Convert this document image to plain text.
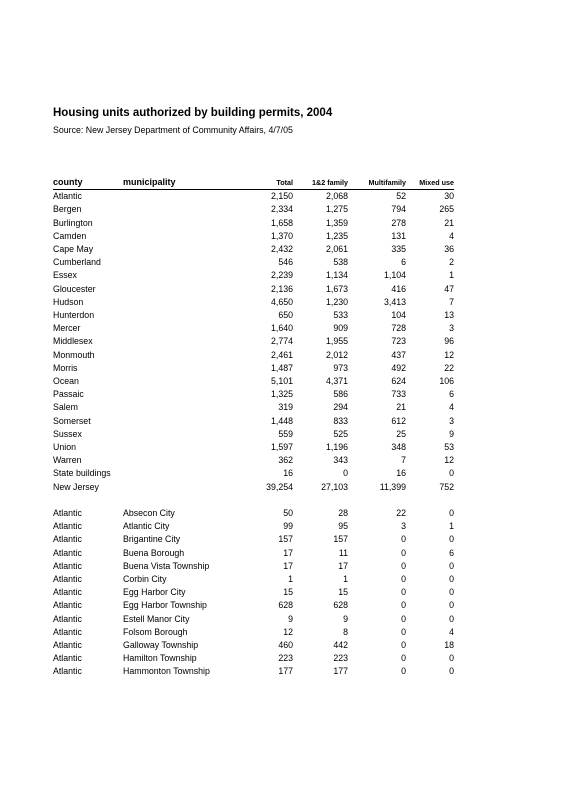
Housing units authorized by building permits, 2004
Source: New Jersey Department of Community Affairs, 4/7/05
county	municipality	Total	1&2 family	Multifamily	Mixed use
Atlantic		2,150	2,068	52	30
Bergen		2,334	1,275	794	265
Burlington		1,658	1,359	278	21
Camden		1,370	1,235	131	4
Cape May		2,432	2,061	335	36
Cumberland		546	538	6	2
Essex		2,239	1,134	1,104	1
Gloucester		2,136	1,673	416	47
Hudson		4,650	1,230	3,413	7
Hunterdon		650	533	104	13
Mercer		1,640	909	728	3
Middlesex		2,774	1,955	723	96
Monmouth		2,461	2,012	437	12
Morris		1,487	973	492	22
Ocean		5,101	4,371	624	106
Passaic		1,325	586	733	6
Salem		319	294	21	4
Somerset		1,448	833	612	3
Sussex		559	525	25	9
Union		1,597	1,196	348	53
Warren		362	343	7	12
State buildings		16	0	16	0
New Jersey		39,254	27,103	11,399	752
Atlantic	Absecon City	50	28	22	0
Atlantic	Atlantic City	99	95	3	1
Atlantic	Brigantine City	157	157	0	0
Atlantic	Buena Borough	17	11	0	6
Atlantic	Buena Vista Township	17	17	0	0
Atlantic	Corbin City	1	1	0	0
Atlantic	Egg Harbor City	15	15	0	0
Atlantic	Egg Harbor Township	628	628	0	0
Atlantic	Estell Manor City	9	9	0	0
Atlantic	Folsom Borough	12	8	0	4
Atlantic	Galloway Township	460	442	0	18
Atlantic	Hamilton Township	223	223	0	0
Atlantic	Hammonton Township	177	177	0	0
